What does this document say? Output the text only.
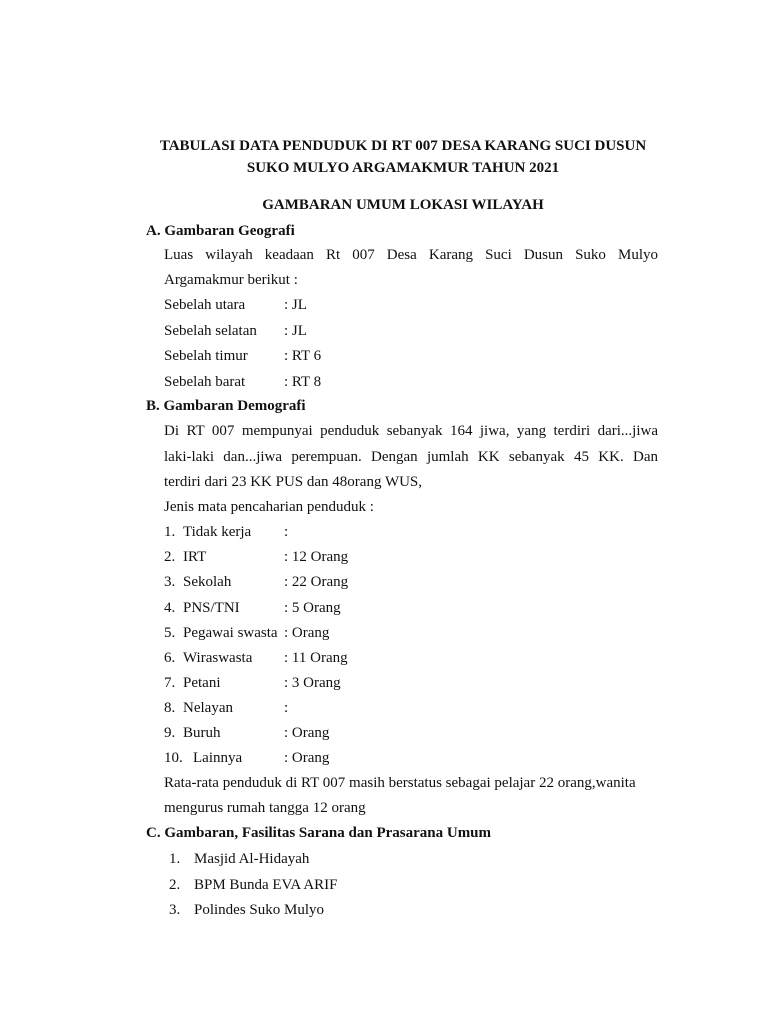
TABULASI DATA PENDUDUK DI RT 007 DESA KARANG SUCI DUSUN
SUKO MULYO ARGAMAKMUR TAHUN 2021
GAMBARAN UMUM LOKASI WILAYAH
A. Gambaran Geografi
Luas wilayah keadaan Rt 007 Desa Karang Suci Dusun Suko Mulyo
Argamakmur berikut :
Sebelah utara	: JL
Sebelah selatan : JL
Sebelah timur : RT 6
Sebelah barat	: RT 8
B. Gambaran Demografi
Di RT 007 mempunyai penduduk sebanyak 164 jiwa, yang terdiri dari...jiwa
laki-laki dan...jiwa perempuan. Dengan jumlah KK sebanyak 45 KK. Dan
terdiri dari 23 KK PUS dan 48orang WUS,
Jenis mata pencaharian penduduk :
1. Tidak kerja :
2. IRT	: 12 Orang
3. Sekolah	: 22 Orang
4. PNS/TNI	: 5 Orang
5. Pegawai swasta : Orang
6. Wiraswasta : 11 Orang
7. Petani	: 3 Orang
8. Nelayan	:
9. Buruh	: Orang
10. Lainnya	: Orang
Rata-rata penduduk di RT 007 masih berstatus sebagai pelajar 22 orang,wanita
mengurus rumah tangga 12 orang
C. Gambaran, Fasilitas Sarana dan Prasarana Umum
1. Masjid Al-Hidayah
2. BPM Bunda EVA ARIF
3. Polindes Suko Mulyo
